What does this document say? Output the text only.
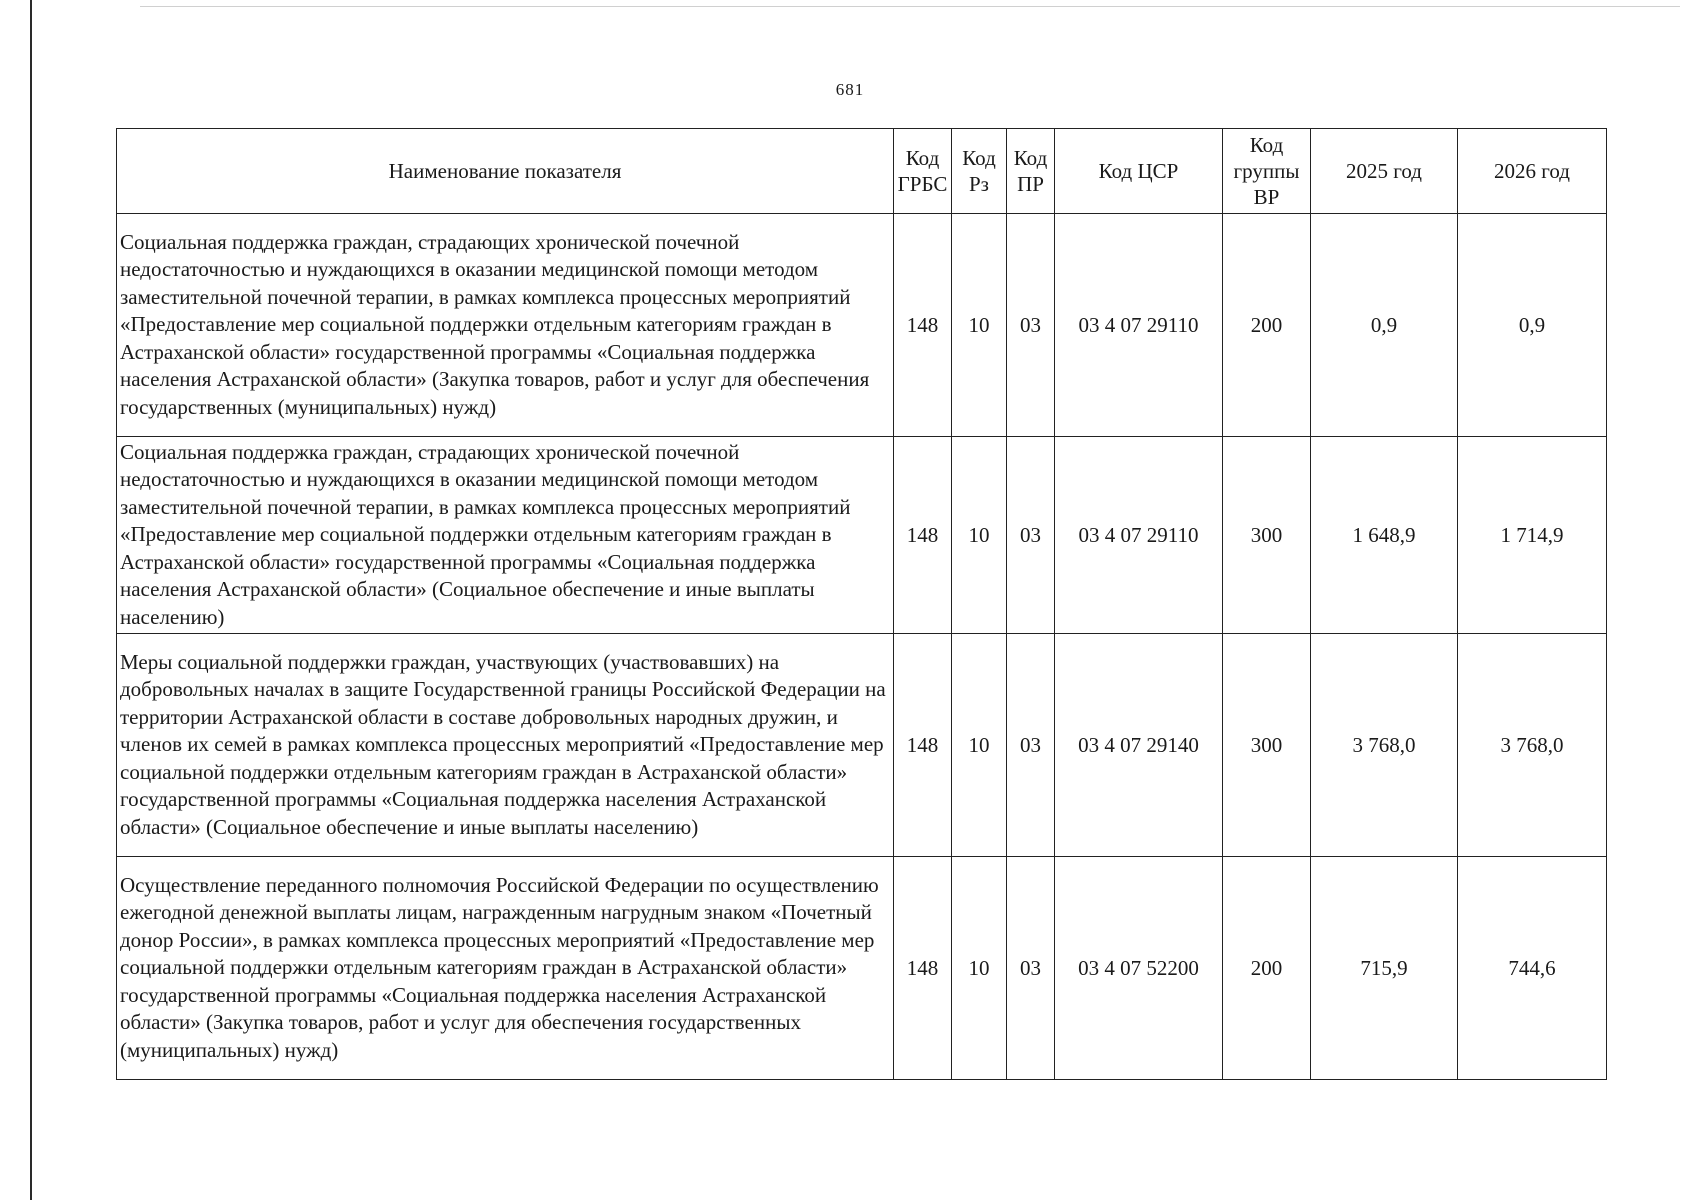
681
Наименование показателя	Код ГРБС	Код Рз	Код ПР	Код ЦСР	Код группы ВР	2025 год	2026 год
Социальная поддержка граждан, страдающих хронической почечной недостаточностью и нуждающихся в оказании медицинской помощи методом заместительной почечной терапии, в рамках комплекса процессных мероприятий «Предоставление мер социальной поддержки отдельным категориям граждан в Астраханской области» государственной программы «Социальная поддержка населения Астраханской области» (Закупка товаров, работ и услуг для обеспечения государственных (муниципальных) нужд)	148	10	03	03 4 07 29110	200	0,9	0,9
Социальная поддержка граждан, страдающих хронической почечной недостаточностью и нуждающихся в оказании медицинской помощи методом заместительной почечной терапии, в рамках комплекса процессных мероприятий «Предоставление мер социальной поддержки отдельным категориям граждан в Астраханской области» государственной программы «Социальная поддержка населения Астраханской области» (Социальное обеспечение и иные выплаты населению)	148	10	03	03 4 07 29110	300	1 648,9	1 714,9
Меры социальной поддержки граждан, участвующих (участвовавших) на добровольных началах в защите Государственной границы Российской Федерации на территории Астраханской области в составе добровольных народных дружин, и членов их семей в рамках комплекса процессных мероприятий «Предоставление мер социальной поддержки отдельным категориям граждан в Астраханской области» государственной программы «Социальная поддержка населения Астраханской области» (Социальное обеспечение и иные выплаты населению)	148	10	03	03 4 07 29140	300	3 768,0	3 768,0
Осуществление переданного полномочия Российской Федерации по осуществлению ежегодной денежной выплаты лицам, награжденным нагрудным знаком «Почетный донор России», в рамках комплекса процессных мероприятий «Предоставление мер социальной поддержки отдельным категориям граждан в Астраханской области» государственной программы «Социальная поддержка населения Астраханской области» (Закупка товаров, работ и услуг для обеспечения государственных (муниципальных) нужд)	148	10	03	03 4 07 52200	200	715,9	744,6
